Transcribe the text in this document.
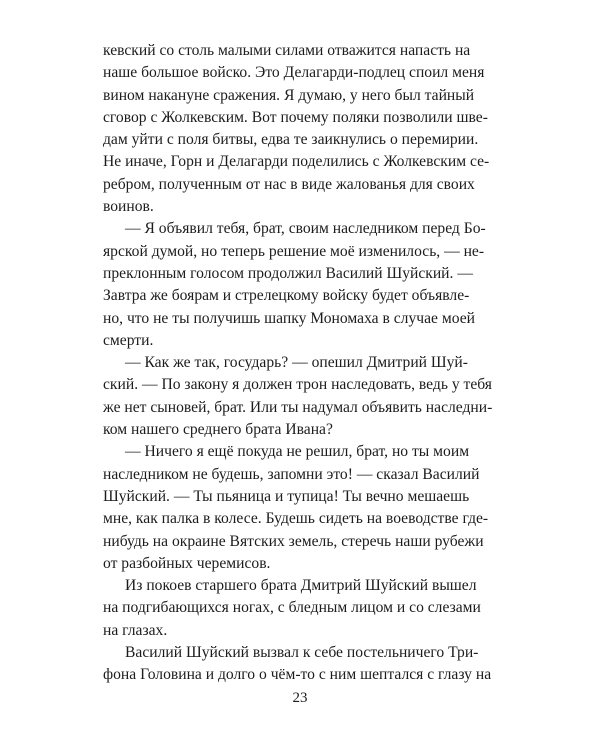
кевский со столь малыми силами отважится напасть на
наше большое войско. Это Делагарди-подлец споил меня
вином накануне сражения. Я думаю, у него был тайный
сговор с Жолкевским. Вот почему поляки позволили шве-
дам уйти с поля битвы, едва те заикнулись о перемирии.
Не иначе, Горн и Делагарди поделились с Жолкевским се-
ребром, полученным от нас в виде жалованья для своих
воинов.

— Я объявил тебя, брат, своим наследником перед Бо-
ярской думой, но теперь решение моё изменилось, — не-
преклонным голосом продолжил Василий Шуйский. —
Завтра же боярам и стрелецкому войску будет объявле-
но, что не ты получишь шапку Мономаха в случае моей
смерти.

— Как же так, государь? — опешил Дмитрий Шуй-
ский. — По закону я должен трон наследовать, ведь у тебя
же нет сыновей, брат. Или ты надумал объявить наследни-
ком нашего среднего брата Ивана?

— Ничего я ещё покуда не решил, брат, но ты моим
наследником не будешь, запомни это! — сказал Василий
Шуйский. — Ты пьяница и тупица! Ты вечно мешаешь
мне, как палка в колесе. Будешь сидеть на воеводстве где-
нибудь на окраине Вятских земель, стеречь наши рубежи
от разбойных черемисов.

Из покоев старшего брата Дмитрий Шуйский вышел
на подгибающихся ногах, с бледным лицом и со слезами
на глазах.

Василий Шуйский вызвал к себе постельничего Три-
фона Головина и долго о чём-то с ним шептался с глазу на

23
